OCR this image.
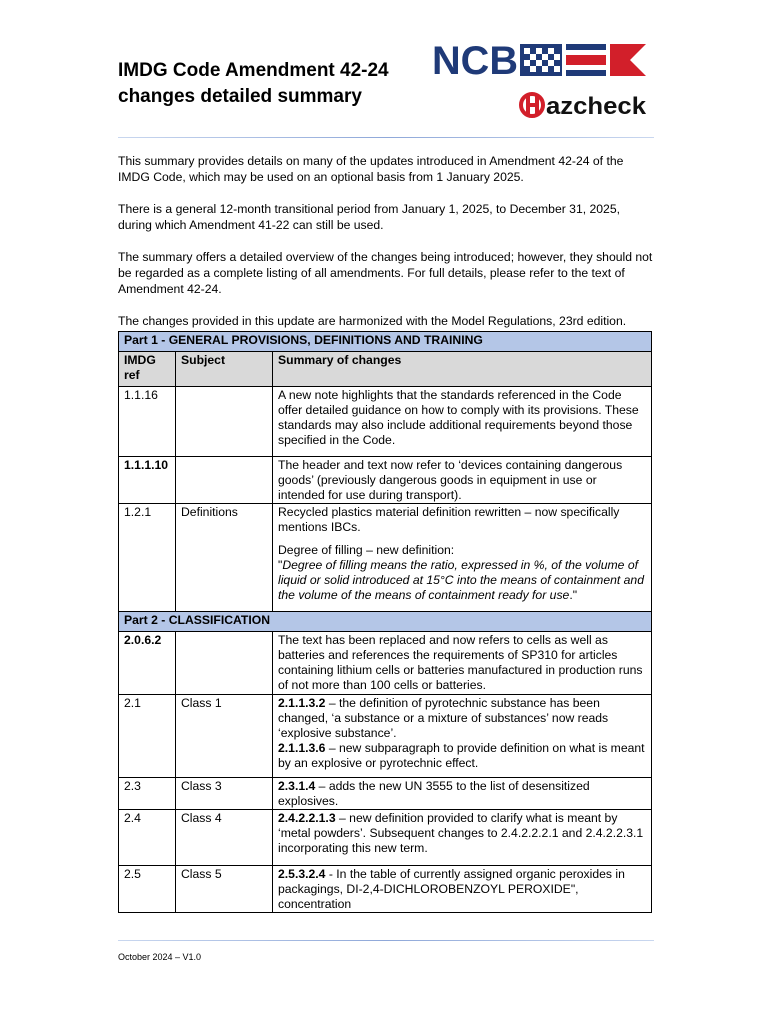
IMDG Code Amendment 42-24
changes detailed summary
NCB
azcheck

This summary provides details on many of the updates introduced in Amendment 42-24 of the IMDG Code, which may be used on an optional basis from 1 January 2025.

There is a general 12-month transitional period from January 1, 2025, to December 31, 2025, during which Amendment 41-22 can still be used.

The summary offers a detailed overview of the changes being introduced; however, they should not be regarded as a complete listing of all amendments. For full details, please refer to the text of Amendment 42-24.

The changes provided in this update are harmonized with the Model Regulations, 23rd edition.

Part 1 - GENERAL PROVISIONS, DEFINITIONS AND TRAINING		
IMDG ref	Subject	Summary of changes
1.1.16		A new note highlights that the standards referenced in the Code offer detailed guidance on how to comply with its provisions. These standards may also include additional requirements beyond those specified in the Code.
1.1.1.10		The header and text now refer to ‘devices containing dangerous goods’ (previously dangerous goods in equipment in use or intended for use during transport).
1.2.1	Definitions	Recycled plastics material definition rewritten – now specifically mentions IBCs.
Degree of filling – new definition:
"Degree of filling means the ratio, expressed in %, of the volume of liquid or solid introduced at 15°C into the means of containment and the volume of the means of containment ready for use."
Part 2 - CLASSIFICATION		
2.0.6.2		The text has been replaced and now refers to cells as well as batteries and references the requirements of SP310 for articles containing lithium cells or batteries manufactured in production runs of not more than 100 cells or batteries.
2.1	Class 1	2.1.1.3.2 – the definition of pyrotechnic substance has been changed, ‘a substance or a mixture of substances’ now reads ‘explosive substance’.
2.1.1.3.6 – new subparagraph to provide definition on what is meant by an explosive or pyrotechnic effect.
2.3	Class 3	2.3.1.4 – adds the new UN 3555 to the list of desensitized explosives.
2.4	Class 4	2.4.2.2.1.3 – new definition provided to clarify what is meant by ‘metal powders’. Subsequent changes to 2.4.2.2.2.1 and 2.4.2.2.3.1 incorporating this new term.
2.5	Class 5	2.5.3.2.4 - In the table of currently assigned organic peroxides in packagings, DI-2,4-DICHLOROBENZOYL PEROXIDE", concentration
October 2024 – V1.0
